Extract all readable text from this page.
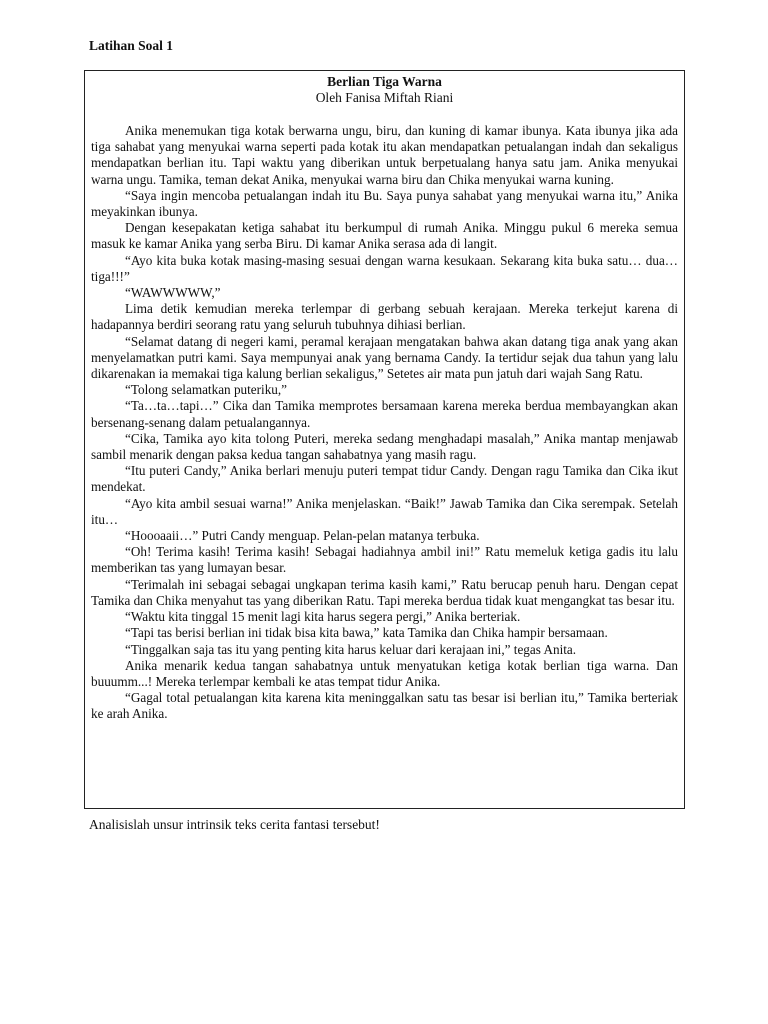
Latihan Soal 1
Berlian Tiga Warna
Oleh Fanisa Miftah Riani

Anika menemukan tiga kotak berwarna ungu, biru, dan kuning di kamar ibunya. Kata ibunya jika ada tiga sahabat yang menyukai warna seperti pada kotak itu akan mendapatkan petualangan indah dan sekaligus mendapatkan berlian itu. Tapi waktu yang diberikan untuk berpetualang hanya satu jam. Anika menyukai warna ungu. Tamika, teman dekat Anika, menyukai warna biru dan Chika menyukai warna kuning.

“Saya ingin mencoba petualangan indah itu Bu. Saya punya sahabat yang menyukai warna itu,” Anika meyakinkan ibunya.

Dengan kesepakatan ketiga sahabat itu berkumpul di rumah Anika. Minggu pukul 6 mereka semua masuk ke kamar Anika yang serba Biru. Di kamar Anika serasa ada di langit.

“Ayo kita buka kotak masing-masing sesuai dengan warna kesukaan. Sekarang kita buka satu… dua… tiga!!!”

“WAWWWWW,”

Lima detik kemudian mereka terlempar di gerbang sebuah kerajaan. Mereka terkejut karena di hadapannya berdiri seorang ratu yang seluruh tubuhnya dihiasi berlian.

“Selamat datang di negeri kami, peramal kerajaan mengatakan bahwa akan datang tiga anak yang akan menyelamatkan putri kami. Saya mempunyai anak yang bernama Candy. Ia tertidur sejak dua tahun yang lalu dikarenakan ia memakai tiga kalung berlian sekaligus,” Setetes air mata pun jatuh dari wajah Sang Ratu.

“Tolong selamatkan puteriku,”

“Ta…ta…tapi…” Cika dan Tamika memprotes bersamaan karena mereka berdua membayangkan akan bersenang-senang dalam petualangannya.

“Cika, Tamika ayo kita tolong Puteri, mereka sedang menghadapi masalah,” Anika mantap menjawab sambil menarik dengan paksa kedua tangan sahabatnya yang masih ragu.

“Itu puteri Candy,” Anika berlari menuju puteri tempat tidur Candy. Dengan ragu Tamika dan Cika ikut mendekat.

“Ayo kita ambil sesuai warna!” Anika menjelaskan. “Baik!” Jawab Tamika dan Cika serempak. Setelah itu…

“Hoooaaii…” Putri Candy menguap. Pelan-pelan matanya terbuka.

“Oh! Terima kasih! Terima kasih! Sebagai hadiahnya ambil ini!” Ratu memeluk ketiga gadis itu lalu memberikan tas yang lumayan besar.

“Terimalah ini sebagai sebagai ungkapan terima kasih kami,” Ratu berucap penuh haru. Dengan cepat Tamika dan Chika menyahut tas yang diberikan Ratu. Tapi mereka berdua tidak kuat mengangkat tas besar itu.

“Waktu kita tinggal 15 menit lagi kita harus segera pergi,” Anika berteriak.

“Tapi tas berisi berlian ini tidak bisa kita bawa,” kata Tamika dan Chika hampir bersamaan.

“Tinggalkan saja tas itu yang penting kita harus keluar dari kerajaan ini,” tegas Anita.

Anika menarik kedua tangan sahabatnya untuk menyatukan ketiga kotak berlian tiga warna. Dan buuumm...! Mereka terlempar kembali ke atas tempat tidur Anika.

“Gagal total petualangan kita karena kita meninggalkan satu tas besar isi berlian itu,” Tamika berteriak ke arah Anika.

Analisislah unsur intrinsik teks cerita fantasi tersebut!
